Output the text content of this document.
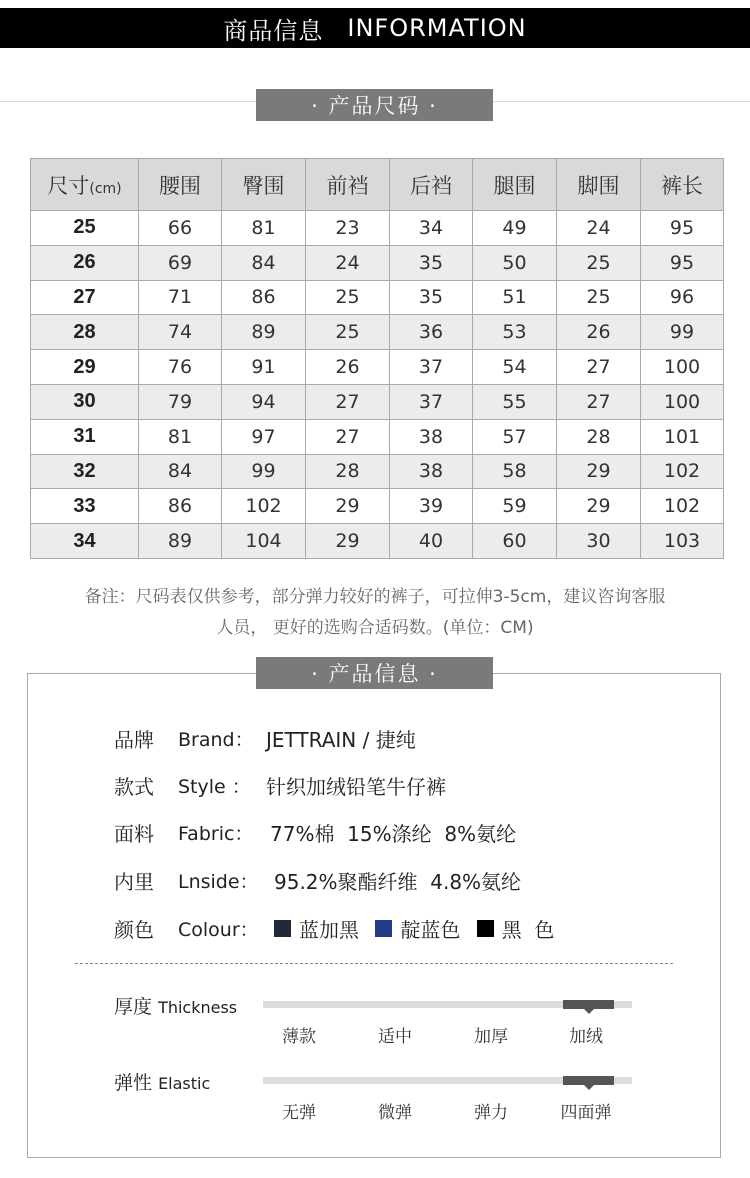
商品信息 INFORMATION
· 产品尺码 ·
尺寸(cm)	腰围	臀围	前裆	后裆	腿围	脚围	裤长
25	66	81	23	34	49	24	95
26	69	84	24	35	50	25	95
27	71	86	25	35	51	25	96
28	74	89	25	36	53	26	99
29	76	91	26	37	54	27	100
30	79	94	27	37	55	27	100
31	81	97	27	38	57	28	101
32	84	99	28	38	58	29	102
33	86	102	29	39	59	29	102
34	89	104	29	40	60	30	103
备注：尺码表仅供参考，部分弹力较好的裤子，可拉伸3-5cm，建议咨询客服
人员， 更好的选购合适码数。(单位：CM)
· 产品信息 ·
品牌	Brand： JETTRAIN / 捷纯
款式	Style ： 针织加绒铅笔牛仔裤
面料	Fabric： 77%棉  15%涤纶  8%氨纶
内里	Lnside： 95.2%聚酯纤维  4.8%氨纶
颜色	Colour：	蓝加黑
靛蓝色
黑  色
厚度 Thickness
薄款	适中	加厚	加绒
弹性 Elastic
无弹	微弹	弹力	四面弹
